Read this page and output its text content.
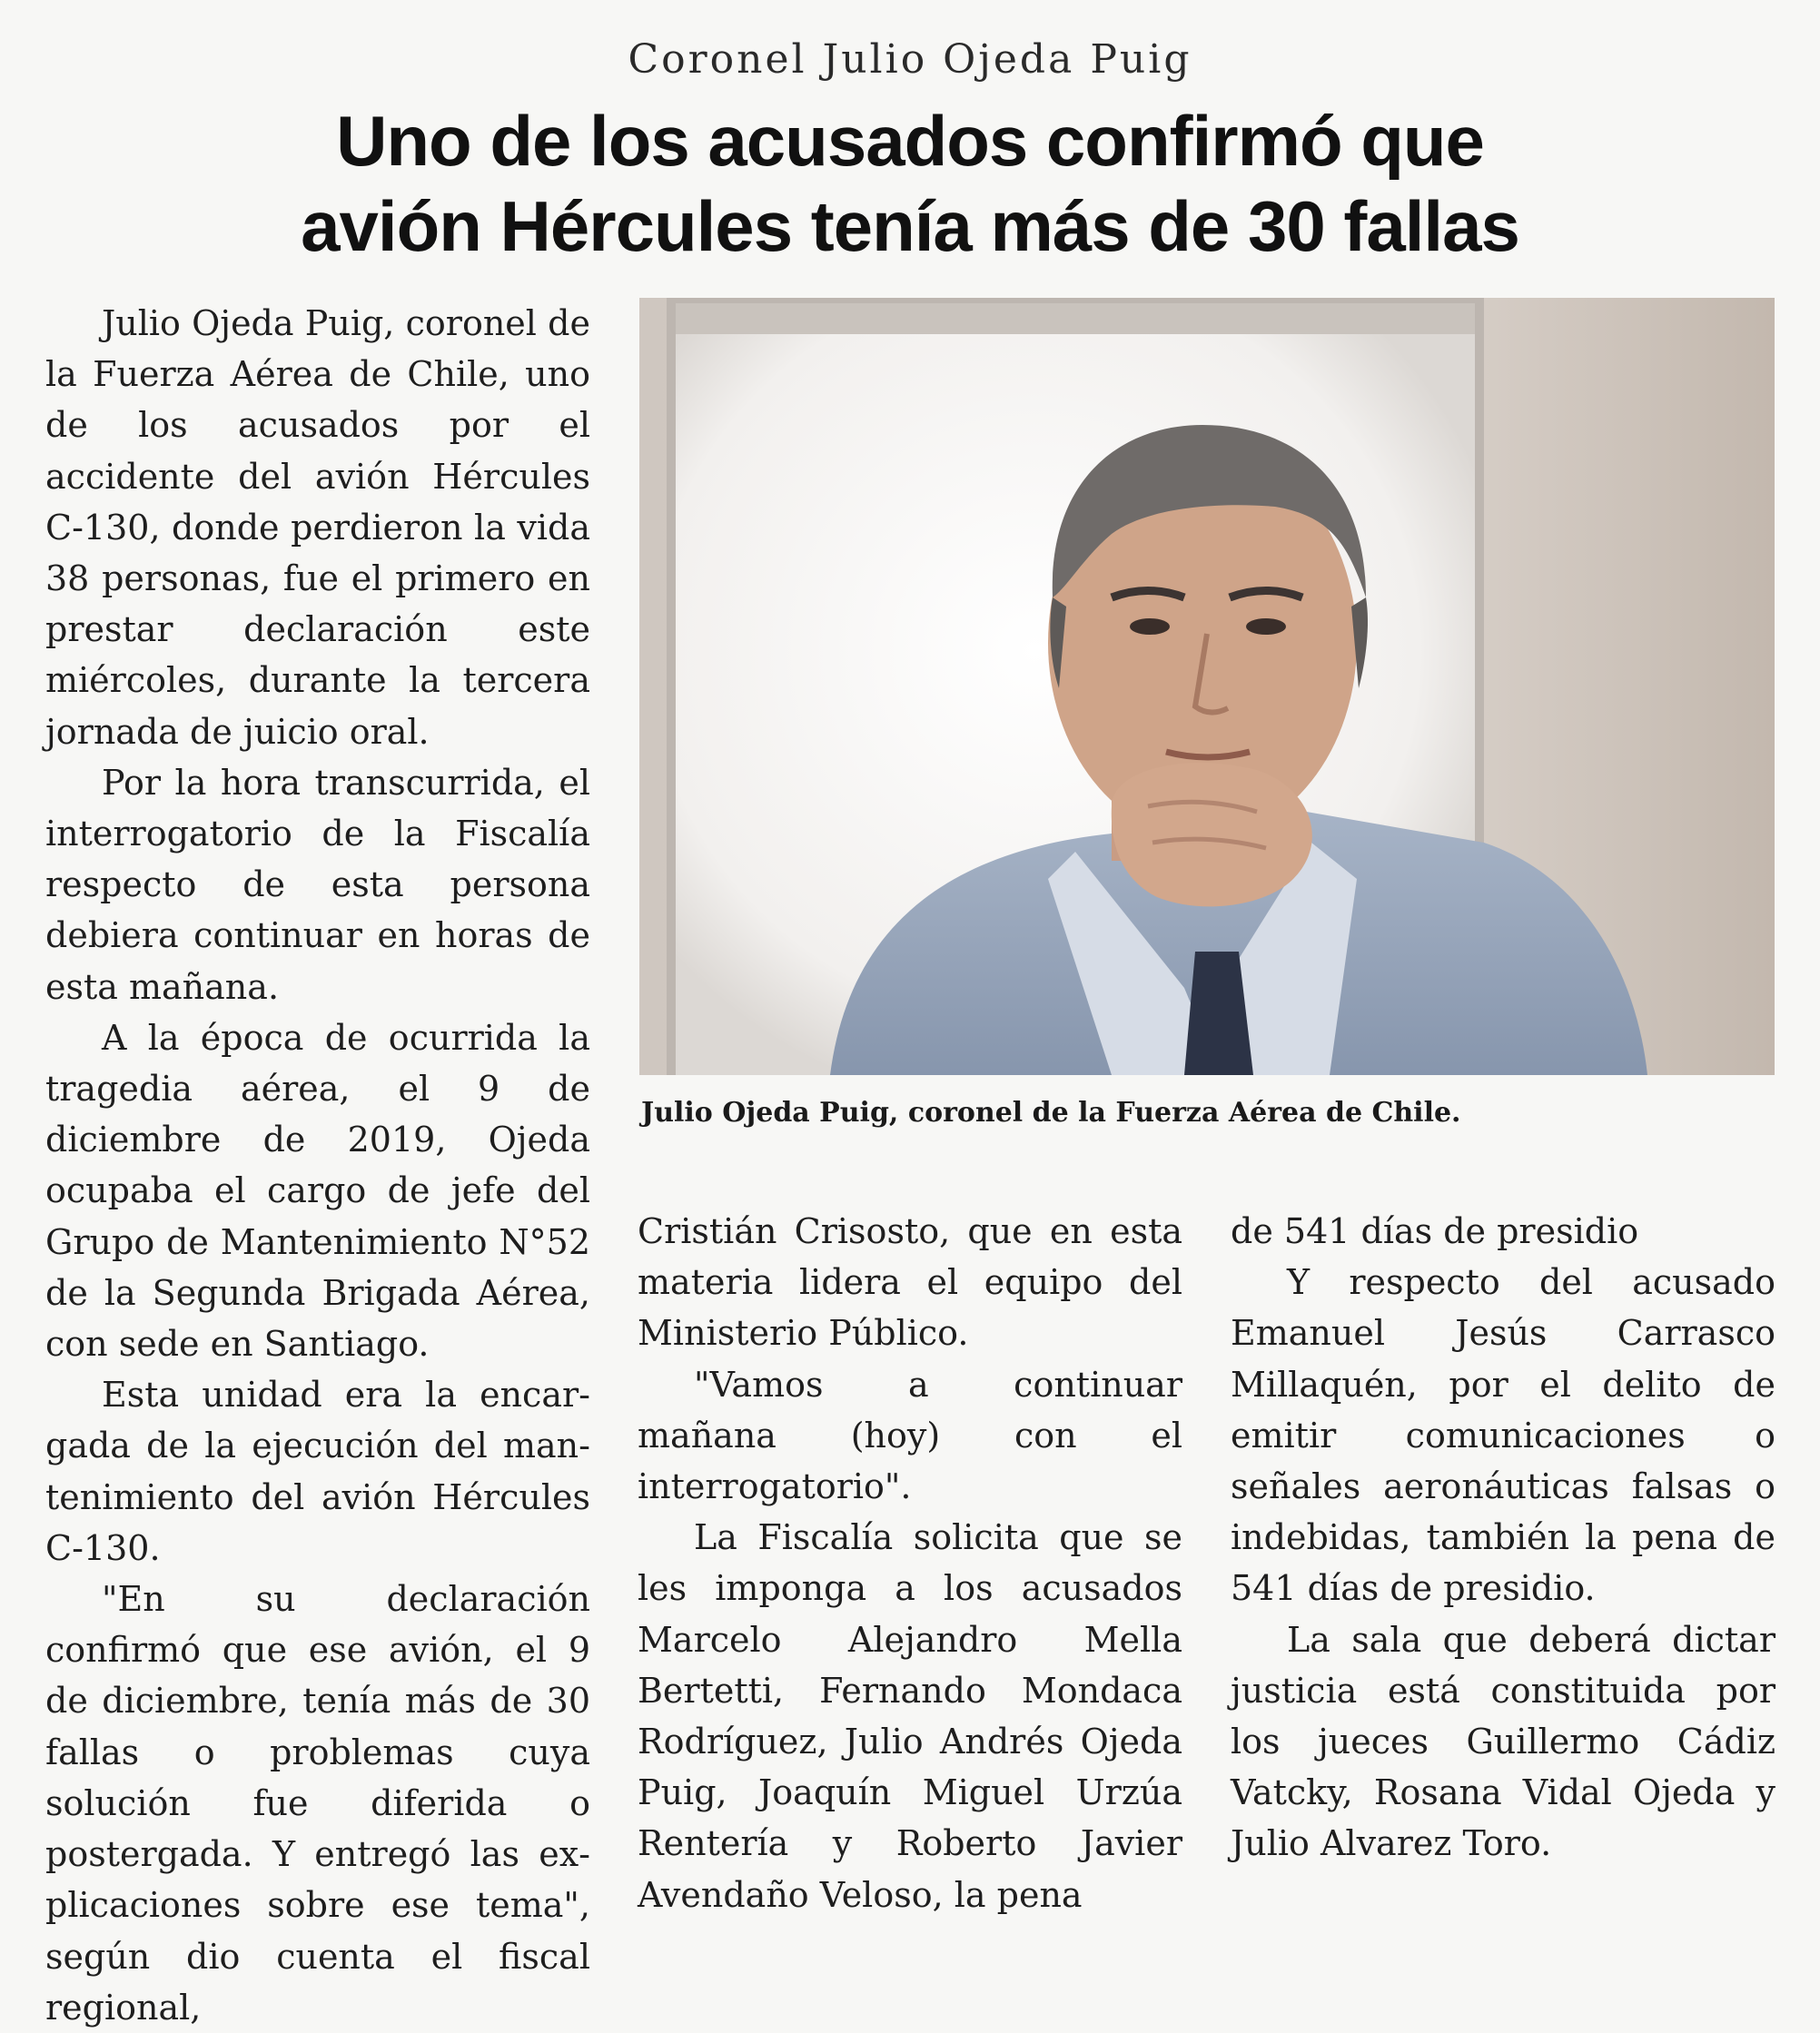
Coronel Julio Ojeda Puig
Uno de los acusados confirmó que
avión Hércules tenía más de 30 fallas

Julio Ojeda Puig, coronel de la Fuerza Aérea de Chile, uno de los acusados por el accidente del avión Hércules C-130, donde perdieron la vida 38 personas, fue el primero en prestar declaración este miércoles, durante la tercera jornada de juicio oral.

Por la hora transcurrida, el interrogatorio de la Fiscalía respecto de esta persona debiera continuar en horas de esta mañana.

A la época de ocurrida la tragedia aérea, el 9 de diciembre de 2019, Ojeda ocupaba el cargo de jefe del Grupo de Mantenimiento N°52 de la Segunda Brigada Aérea, con sede en Santiago.

Esta unidad era la encargada de la ejecución del mantenimiento del avión Hércules C-130.

"En su declaración confirmó que ese avión, el 9 de diciembre, tenía más de 30 fallas o problemas cuya solución fue diferida o postergada. Y entregó las explicaciones sobre ese tema", según dio cuenta el fiscal regional,

Julio Ojeda Puig, coronel de la Fuerza Aérea de Chile.

Cristián Crisosto, que en esta materia lidera el equipo del Ministerio Público.

"Vamos a continuar mañana (hoy) con el interrogatorio".

La Fiscalía solicita que se les imponga a los acusados Marcelo Alejandro Mella Bertetti, Fernando Mondaca Rodríguez, Julio Andrés Ojeda Puig, Joaquín Miguel Urzúa Rentería y Roberto Javier Avendaño Veloso, la pena

de 541 días de presidio

Y respecto del acusado Emanuel Jesús Carrasco Millaquén, por el delito de emitir comunicaciones o señales aeronáuticas falsas o indebidas, también la pena de 541 días de presidio.

La sala que deberá dictar justicia está constituida por los jueces Guillermo Cádiz Vatcky, Rosana Vidal Ojeda y Julio Alvarez Toro.
